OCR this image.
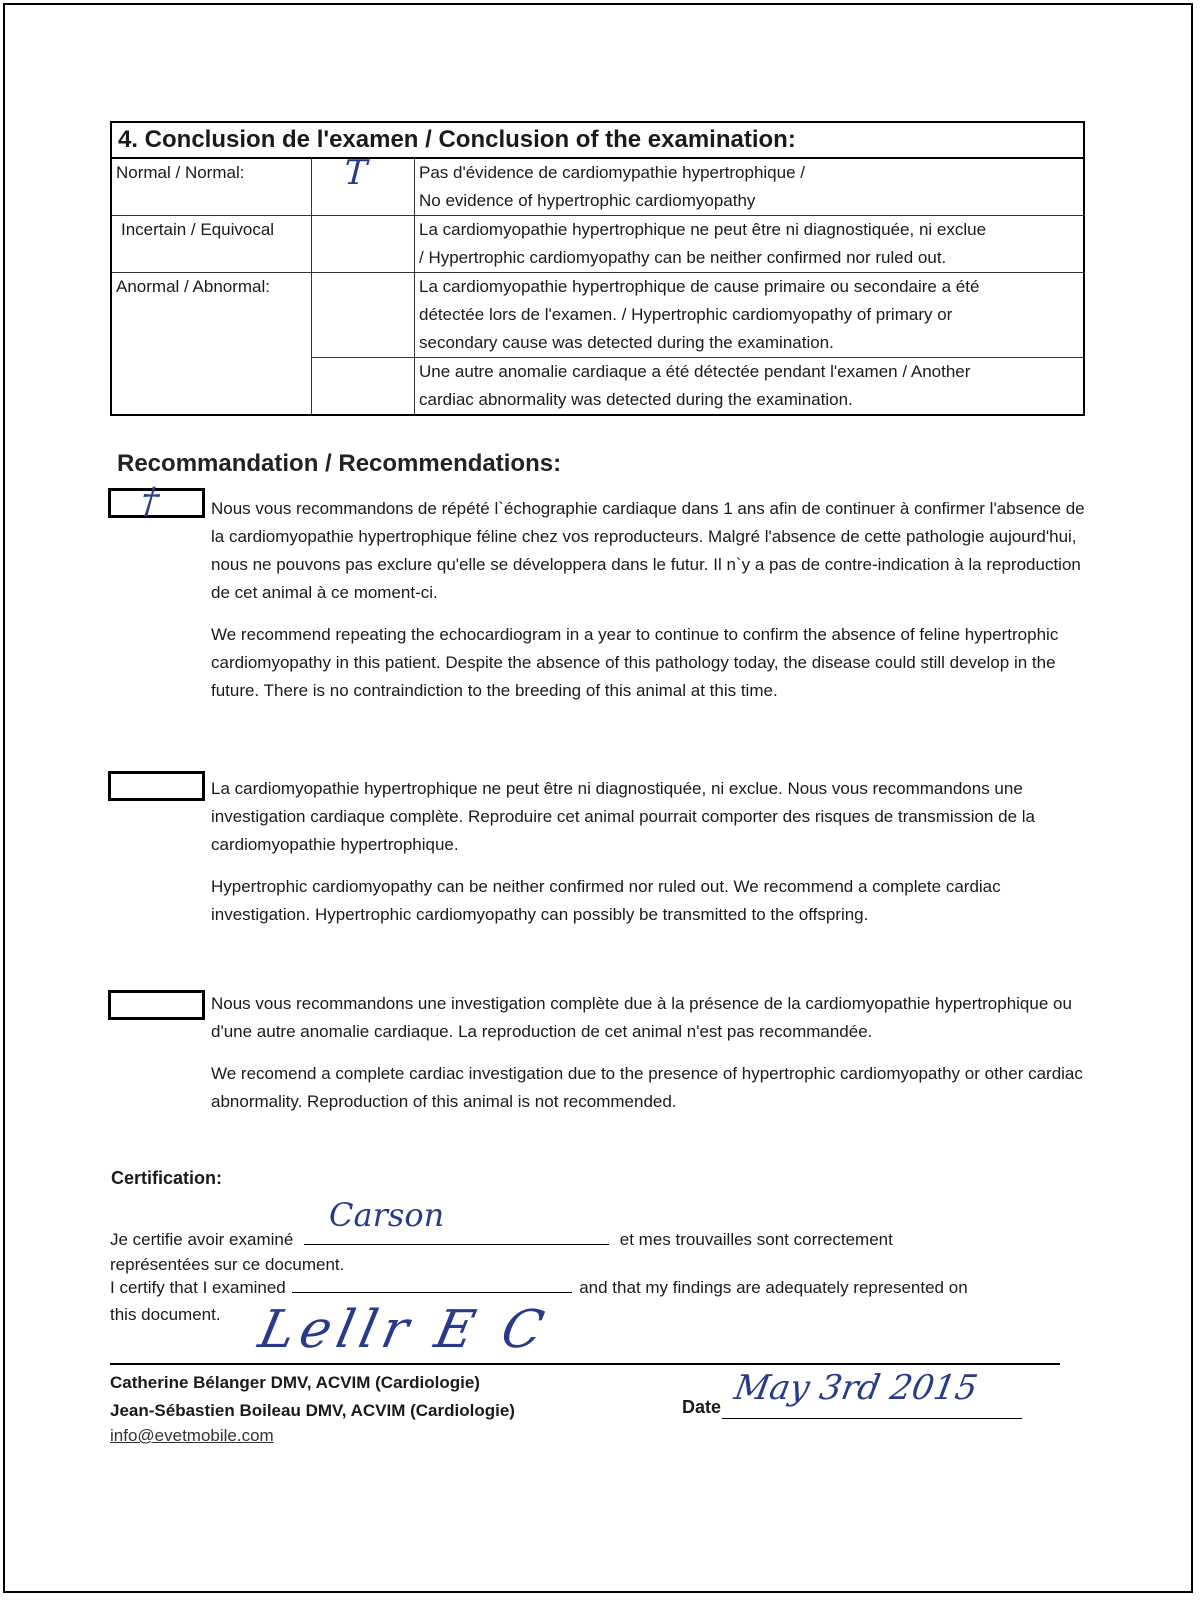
4. Conclusion de l'examen / Conclusion of the examination:		
Normal / Normal:	T	Pas d'évidence de cardiomypathie hypertrophique /
No evidence of hypertrophic cardiomyopathy

Incertain / Equivocal		La cardiomyopathie hypertrophique ne peut être ni diagnostiquée, ni exclue
/ Hypertrophic cardiomyopathy can be neither confirmed nor ruled out.

Anormal / Abnormal:		La cardiomyopathie hypertrophique de cause primaire ou secondaire a été
détectée lors de l'examen. / Hypertrophic cardiomyopathy of primary or
secondary cause was detected during the examination.

		Une autre anomalie cardiaque a été détectée pendant l'examen / Another
cardiac abnormality was detected during the examination.
Recommandation / Recommendations:
†	Nous vous recommandons de répété l`échographie cardiaque dans 1 ans afin de continuer à confirmer l'absence de la cardiomyopathie hypertrophique féline chez vos reproducteurs. Malgré l'absence de cette pathologie aujourd'hui, nous ne pouvons pas exclure qu'elle se développera dans le futur. Il n`y a pas de contre-indication à la reproduction de cet animal à ce moment-ci.

We recommend repeating the echocardiogram in a year to continue to confirm the absence of feline hypertrophic cardiomyopathy in this patient. Despite the absence of this pathology today, the disease could still develop in the future. There is no contraindiction to the breeding of this animal at this time.

La cardiomyopathie hypertrophique ne peut être ni diagnostiquée, ni exclue. Nous vous recommandons une investigation cardiaque complète. Reproduire cet animal pourrait comporter des risques de transmission de la cardiomyopathie hypertrophique.

Hypertrophic cardiomyopathy can be neither confirmed nor ruled out. We recommend a complete cardiac investigation. Hypertrophic cardiomyopathy can possibly be transmitted to the offspring.

Nous vous recommandons une investigation complète due à la présence de la cardiomyopathie hypertrophique ou d'une autre anomalie cardiaque. La reproduction de cet animal n'est pas recommandée.

We recomend a complete cardiac investigation due to the presence of hypertrophic cardiomyopathy or other cardiac abnormality. Reproduction of this animal is not recommended.

Certification:
Je certifie avoir examiné
Carson
et mes trouvailles sont correctement
représentées sur ce document.
I certify that I examined	and that my findings are adequately represented on
this document. Lellr E C
Catherine Bélanger DMV, ACVIM (Cardiologie)
Jean-Sébastien Boileau DMV, ACVIM (Cardiologie)
info@evetmobile.com
Date May 3rd 2015
